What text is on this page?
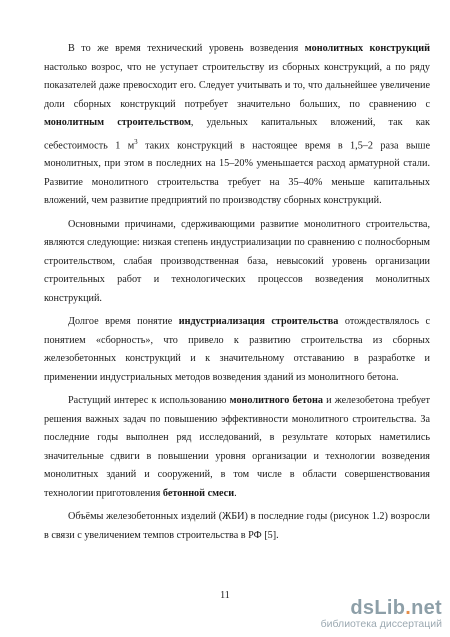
В то же время технический уровень возведения монолитных конструкций настолько возрос, что не уступает строительству из сборных конструкций, а по ряду показателей даже превосходит его. Следует учитывать и то, что дальнейшее увеличение доли сборных конструкций потребует значительно больших, по сравнению с монолитным строительством, удельных капитальных вложений, так как себестоимость 1 $м^3$ таких конструкций в настоящее время в 1,5–2 раза выше монолитных, при этом в последних на 15–20% уменьшается расход арматурной стали. Развитие монолитного строительства требует на 35–40% меньше капитальных вложений, чем развитие предприятий по производству сборных конструкций.

Основными причинами, сдерживающими развитие монолитного строительства, являются следующие: низкая степень индустриализации по сравнению с полносборным строительством, слабая производственная база, невысокий уровень организации строительных работ и технологических процессов возведения монолитных конструкций.

Долгое время понятие индустриализация строительства отождествлялось с понятием «сборность», что привело к развитию строительства из сборных железобетонных конструкций и к значительному отставанию в разработке и применении индустриальных методов возведения зданий из монолитного бетона.

Растущий интерес к использованию монолитного бетона и железобетона требует решения важных задач по повышению эффективности монолитного строительства. За последние годы выполнен ряд исследований, в результате которых наметились значительные сдвиги в повышении уровня организации и технологии возведения монолитных зданий и сооружений, в том числе в области совершенствования технологии приготовления бетонной смеси.

Объёмы железобетонных изделий (ЖБИ) в последние годы (рисунок 1.2) возросли в связи с увеличением темпов строительства в РФ [5].

11
dsLib.net
библиотека диссертаций
